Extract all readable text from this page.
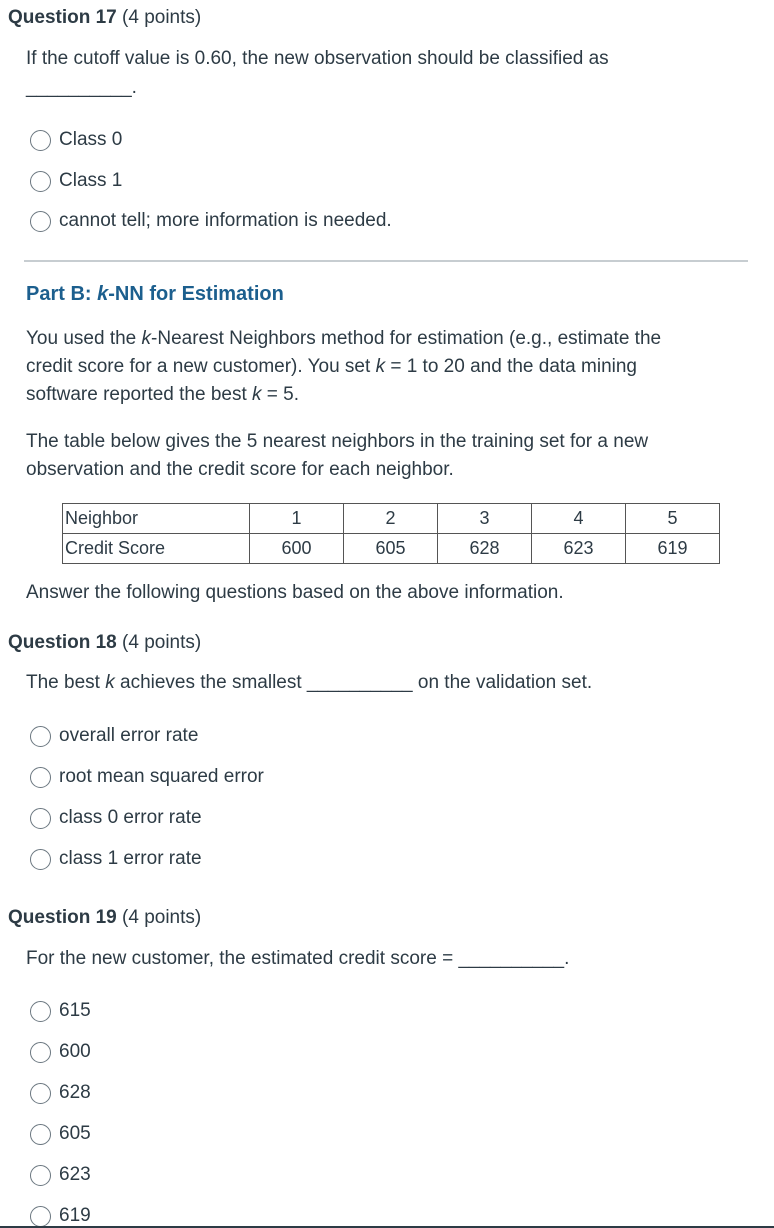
Question 17 (4 points)
If the cutoff value is 0.60, the new observation should be classified as
__________.
Class 0
Class 1
cannot tell; more information is needed.
Part B: k-NN for Estimation
You used the k-Nearest Neighbors method for estimation (e.g., estimate the
credit score for a new customer). You set k = 1 to 20 and the data mining
software reported the best k = 5.
The table below gives the 5 nearest neighbors in the training set for a new
observation and the credit score for each neighbor.
Neighbor	1	2	3	4	5
Credit Score	600	605	628	623	619
Answer the following questions based on the above information.
Question 18 (4 points)
The best k achieves the smallest __________ on the validation set.
overall error rate
root mean squared error
class 0 error rate
class 1 error rate
Question 19 (4 points)
For the new customer, the estimated credit score = __________.
615
600
628
605
623
619
